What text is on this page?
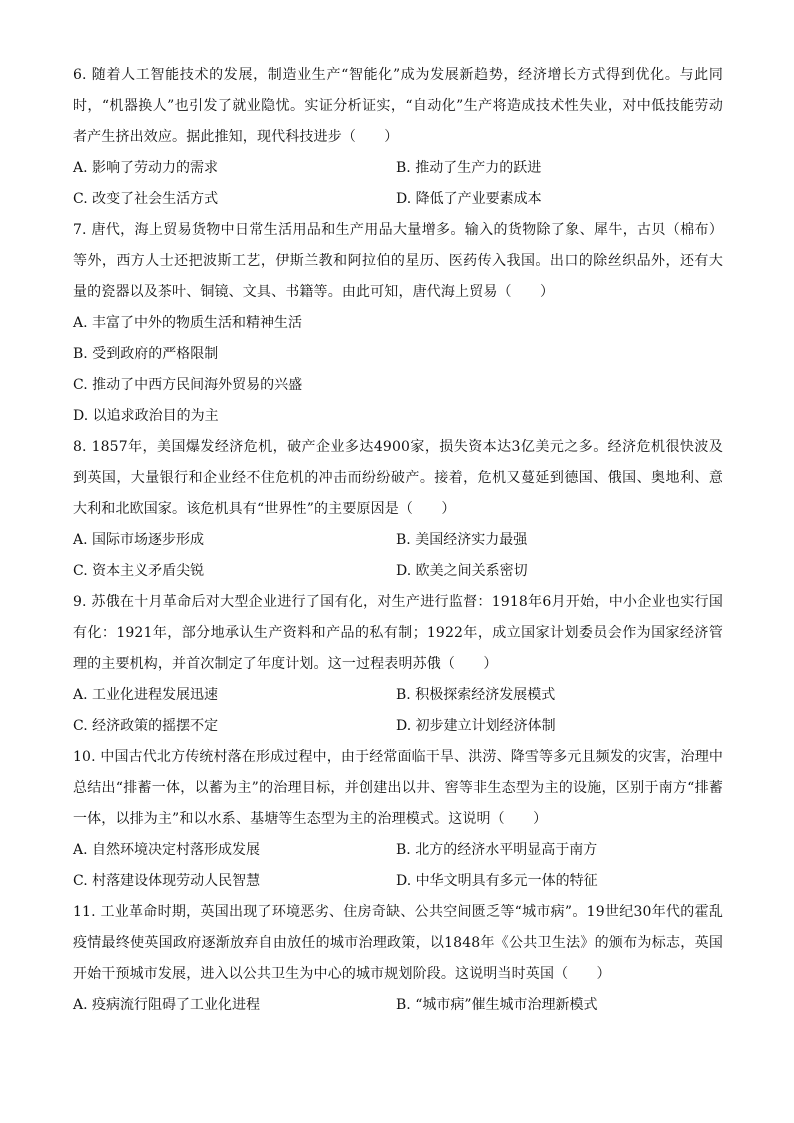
6. 随着人工智能技术的发展，制造业生产“智能化”成为发展新趋势，经济增长方式得到优化。与此同时，“机器换人”也引发了就业隐忧。实证分析证实，“自动化”生产将造成技术性失业，对中低技能劳动者产生挤出效应。据此推知，现代科技进步（　　）

A. 影响了劳动力的需求	B. 推动了生产力的跃进
C. 改变了社会生活方式	D. 降低了产业要素成本

7. 唐代，海上贸易货物中日常生活用品和生产用品大量增多。输入的货物除了象、犀牛，古贝（棉布）等外，西方人士还把波斯工艺，伊斯兰教和阿拉伯的星历、医药传入我国。出口的除丝织品外，还有大量的瓷器以及茶叶、铜镜、文具、书籍等。由此可知，唐代海上贸易（　　）

A. 丰富了中外的物质生活和精神生活
B. 受到政府的严格限制
C. 推动了中西方民间海外贸易的兴盛
D. 以追求政治目的为主

8. 1857年，美国爆发经济危机，破产企业多达4900家，损失资本达3亿美元之多。经济危机很快波及到英国，大量银行和企业经不住危机的冲击而纷纷破产。接着，危机又蔓延到德国、俄国、奥地利、意大利和北欧国家。该危机具有“世界性”的主要原因是（　　）

A. 国际市场逐步形成	B. 美国经济实力最强
C. 资本主义矛盾尖锐	D. 欧美之间关系密切

9. 苏俄在十月革命后对大型企业进行了国有化，对生产进行监督：1918年6月开始，中小企业也实行国有化：1921年，部分地承认生产资料和产品的私有制；1922年，成立国家计划委员会作为国家经济管理的主要机构，并首次制定了年度计划。这一过程表明苏俄（　　）

A. 工业化进程发展迅速	B. 积极探索经济发展模式
C. 经济政策的摇摆不定	D. 初步建立计划经济体制

10. 中国古代北方传统村落在形成过程中，由于经常面临干旱、洪涝、降雪等多元且频发的灾害，治理中总结出“排蓄一体，以蓄为主”的治理目标，并创建出以井、窖等非生态型为主的设施，区别于南方“排蓄一体，以排为主”和以水系、基塘等生态型为主的治理模式。这说明（　　）

A. 自然环境决定村落形成发展	B. 北方的经济水平明显高于南方
C. 村落建设体现劳动人民智慧	D. 中华文明具有多元一体的特征

11. 工业革命时期，英国出现了环境恶劣、住房奇缺、公共空间匮乏等“城市病”。19世纪30年代的霍乱疫情最终使英国政府逐渐放弃自由放任的城市治理政策，以1848年《公共卫生法》的颁布为标志，英国开始干预城市发展，进入以公共卫生为中心的城市规划阶段。这说明当时英国（　　）

A. 疫病流行阻碍了工业化进程	B. “城市病”催生城市治理新模式
